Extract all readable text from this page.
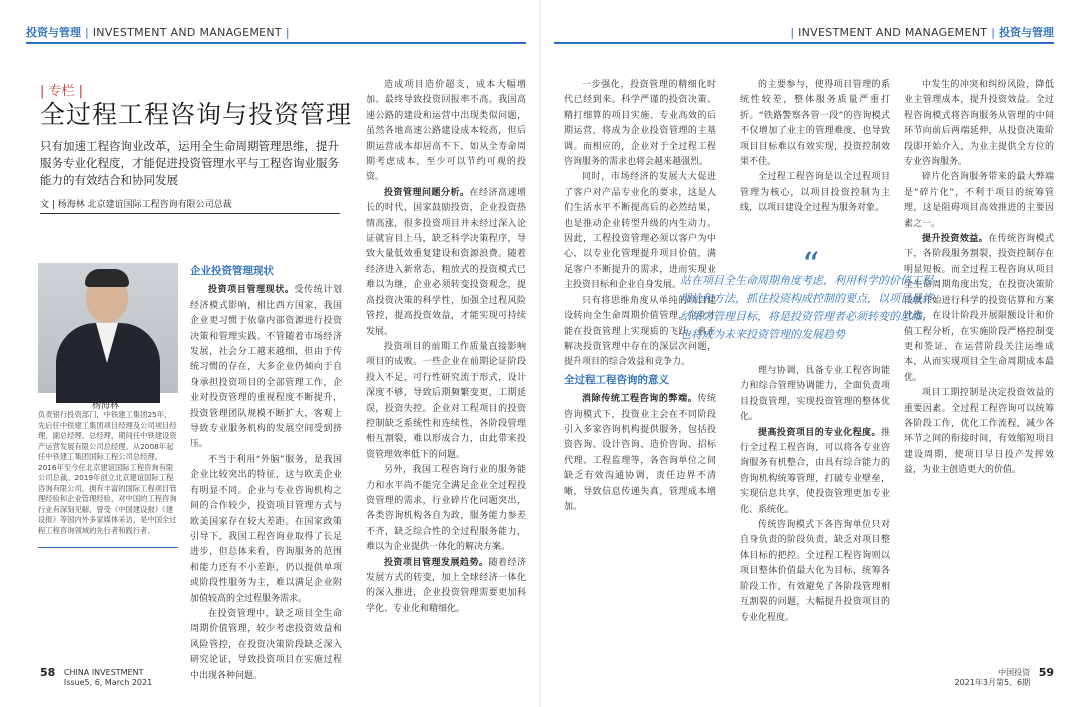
投资与管理 | INVESTMENT AND MANAGEMENT |	| INVESTMENT AND MANAGEMENT | 投资与管理
| 专栏 |
全过程工程咨询与投资管理
只有加速工程咨询业改革，运用全生命周期管理思维，提升服务专业化程度，才能促进投资管理水平与工程咨询业服务能力的有效结合和协同发展
文 | 杨海林 北京建谊国际工程咨询有限公司总裁
杨海林
负责银行投资部门，中铁建工集团25年，先后任中铁建工集团项目经理及公司项目经理、副总经理、总经理，期间任中铁建设资产运营发展有限公司总经理。从2008年起任中铁建工集团国际工程公司总经理，2016年至今任北京建谊国际工程咨询有限公司总裁。2019年创立北京建谊国际工程咨询有限公司。拥有丰富的国际工程项目管理经验和企业管理经验，对中国的工程咨询行业有深刻见解，曾受《中国建设报》《建设报》等国内外多家媒体采访，是中国全过程工程咨询领域的先行者和践行者。

企业投资管理现状

投资项目管理现状。受传统计划经济模式影响，相比西方国家，我国企业更习惯于依靠内部资源进行投资决策和管理实践。不管随着市场经济发展，社会分工越来越细，但由于传统习惯的存在，大多企业仍倾向于自身承担投资项目的全部管理工作，企业对投资管理的重视程度不断提升，投资管理团队规模不断扩大，客观上导致专业服务机构的发展空间受到挤压。

不当于利用“外脑”服务，是我国企业比较突出的特征，这与欧美企业有明显不同。企业与专业咨询机构之间的合作较少，投资项目管理方式与欧美国家存在较大差距。在国家政策引导下，我国工程咨询业取得了长足进步，但总体来看，咨询服务的范围和能力还有不小差距，仍以提供单项或阶段性服务为主，难以满足企业附加值较高的全过程服务需求。

在投资管理中，缺乏项目全生命周期价值管理，较少考虑投资效益和风险管控，在投资决策阶段缺乏深入研究论证，导致投资项目在实施过程中出现各种问题。

造成项目造价超支，成本大幅增加。最终导致投资回报率不高。我国高速公路的建设和运营中出现类似问题，虽然各地高速公路建设成本较高，但后期运营成本却居高不下，如从全寿命周期考虑成本，至少可以节约可观的投资。

投资管理问题分析。在经济高速增长的时代，国家鼓励投资，企业投资热情高涨，很多投资项目并未经过深入论证就盲目上马，缺乏科学决策程序，导致大量低效重复建设和资源浪费。随着经济进入新常态，粗放式的投资模式已难以为继，企业必须转变投资观念，提高投资决策的科学性，加强全过程风险管控，提高投资效益，才能实现可持续发展。

投资项目的前期工作质量直接影响项目的成败。一些企业在前期论证阶段投入不足，可行性研究流于形式，设计深度不够，导致后期频繁变更，工期延误，投资失控。企业对工程项目的投资控制缺乏系统性和连续性，各阶段管理相互割裂，难以形成合力，由此带来投资管理效率低下的问题。

另外，我国工程咨询行业的服务能力和水平尚不能完全满足企业全过程投资管理的需求，行业碎片化问题突出，各类咨询机构各自为政，服务能力参差不齐，缺乏综合性的全过程服务能力，难以为企业提供一体化的解决方案。

投资项目管理发展趋势。随着经济发展方式的转变，加上全球经济一体化的深入推进，企业投资管理需要更加科学化、专业化和精细化。

一步强化，投资管理的精细化时代已经到来。科学严谨的投资决策、精打细算的项目实施、专业高效的后期运营，将成为企业投资管理的主基调。而相应的，企业对于全过程工程咨询服务的需求也将会越来越强烈。

同时，市场经济的发展大大促进了客户对产品专业化的要求，这是人们生活水平不断提高后的必然结果，也是推动企业转型升级的内生动力。因此，工程投资管理必须以客户为中心，以专业化管理提升项目价值，满足客户不断提升的需求，进而实现业主投资目标和企业自身发展。

只有将思维角度从单纯的项目建设转向全生命周期价值管理，企业才能在投资管理上实现质的飞跃，真正解决投资管理中存在的深层次问题，提升项目的综合效益和竞争力。

全过程工程咨询的意义

消除传统工程咨询的弊端。传统咨询模式下，投资业主会在不同阶段引入多家咨询机构提供服务，包括投资咨询、设计咨询、造价咨询、招标代理、工程监理等，各咨询单位之间缺乏有效沟通协调，责任边界不清晰，导致信息传递失真，管理成本增加。

的主要参与，使得项目管理的系统性较差，整体服务质量严重打折。“铁路警察各管一段”的咨询模式不仅增加了业主的管理难度，也导致项目目标难以有效实现，投资控制效果不佳。

全过程工程咨询是以全过程项目管理为核心，以项目投资控制为主线，以项目建设全过程为服务对象。

理与协调，具备专业工程咨询能力和综合管理协调能力，全面负责项目投资管理，实现投资管理的整体优化。

提高投资项目的专业化程度。推行全过程工程咨询，可以将各专业咨询服务有机整合，由具有综合能力的咨询机构统筹管理，打破专业壁垒，实现信息共享，使投资管理更加专业化、系统化。

传统咨询模式下各咨询单位只对自身负责的阶段负责，缺乏对项目整体目标的把控。全过程工程咨询则以项目整体价值最大化为目标，统筹各阶段工作，有效避免了各阶段管理相互割裂的问题，大幅提升投资项目的专业化程度。

中发生的冲突和纠纷风险，降低业主管理成本，提升投资效益。全过程咨询模式将咨询服务从管理的中间环节向前后两端延伸，从投资决策阶段即开始介入，为业主提供全方位的专业咨询服务。

碎片化咨询服务带来的最大弊端是“碎片化”，不利于项目的统筹管理，这是阻碍项目高效推进的主要因素之一。

提升投资效益。在传统咨询模式下，各阶段服务割裂，投资控制存在明显短板。而全过程工程咨询从项目全生命周期角度出发，在投资决策阶段就开始进行科学的投资估算和方案比选，在设计阶段开展限额设计和价值工程分析，在实施阶段严格控制变更和签证，在运营阶段关注运维成本，从而实现项目全生命周期成本最优。

项目工期控制是决定投资效益的重要因素。全过程工程咨询可以统筹各阶段工作，优化工作流程，减少各环节之间的衔接时间，有效缩短项目建设周期，使项目早日投产发挥效益，为业主创造更大的价值。

“
站在项目全生命周期角度考虑，利用科学的价值工程理论和方法，抓住投资构成控制的要点，以项目最终结果为管理目标，将是投资管理者必须转变的思维，也将成为未来投资管理的发展趋势
58 CHINA INVESTMENT
Issue5, 6, March 2021
中国投资
2021年3月第5、6期 59
